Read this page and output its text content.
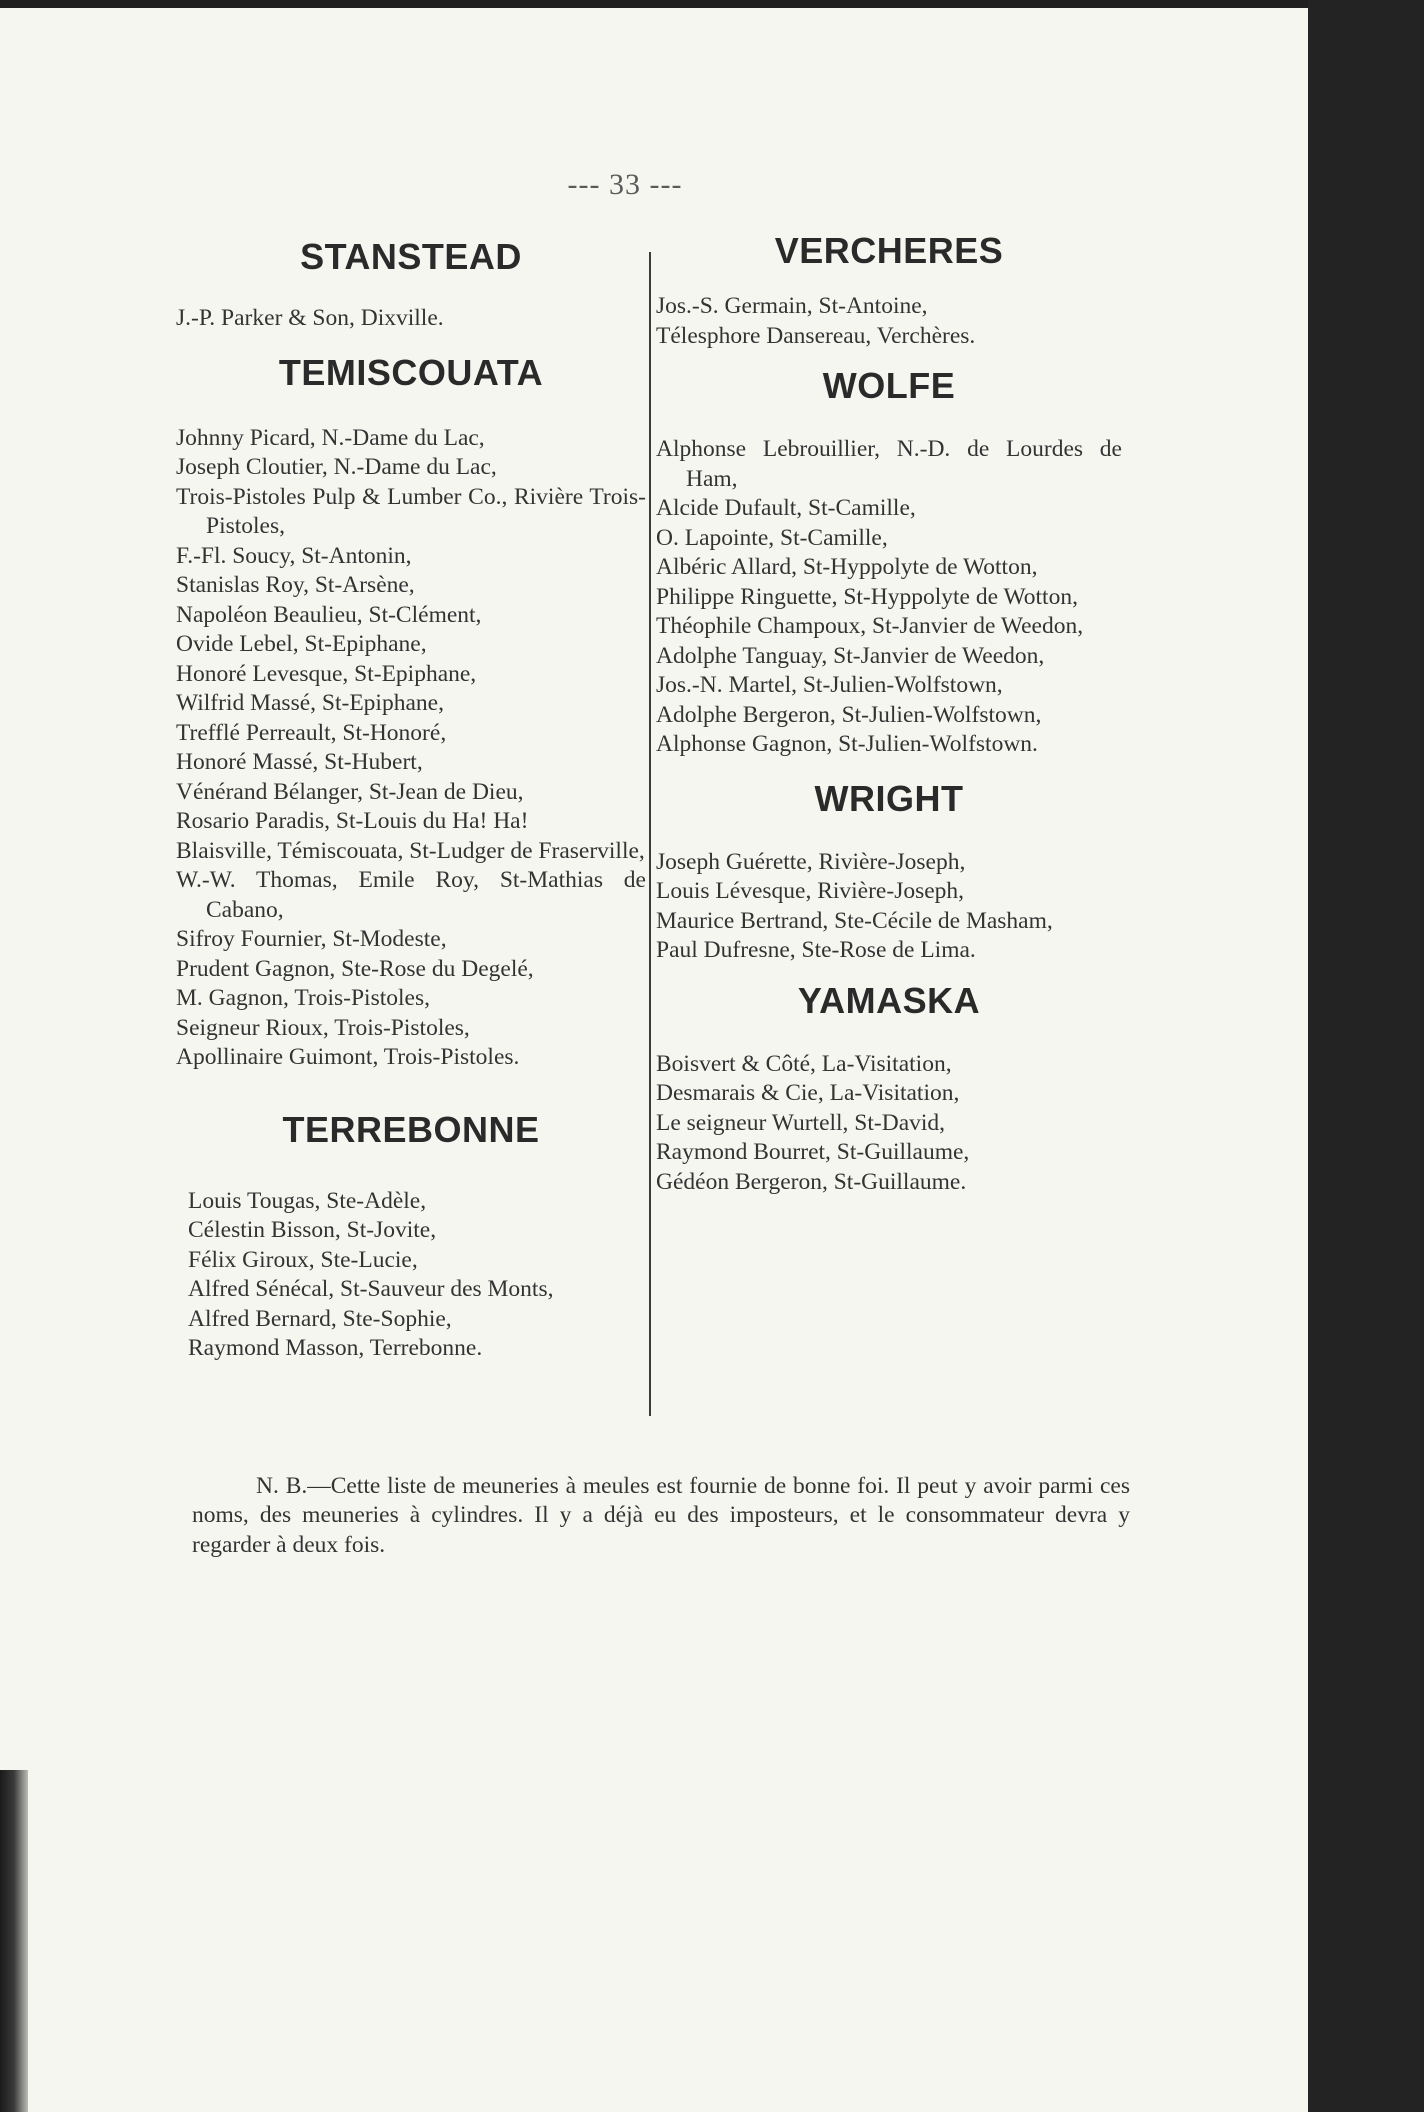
--- 33 ---
STANSTEAD
J.-P. Parker & Son, Dixville.
TEMISCOUATA
Johnny Picard, N.-Dame du Lac,
Joseph Cloutier, N.-Dame du Lac,
Trois-Pistoles Pulp & Lumber Co., Rivière Trois-Pistoles,
F.-Fl. Soucy, St-Antonin,
Stanislas Roy, St-Arsène,
Napoléon Beaulieu, St-Clément,
Ovide Lebel, St-Epiphane,
Honoré Levesque, St-Epiphane,
Wilfrid Massé, St-Epiphane,
Trefflé Perreault, St-Honoré,
Honoré Massé, St-Hubert,
Vénérand Bélanger, St-Jean de Dieu,
Rosario Paradis, St-Louis du Ha! Ha!
Blaisville, Témiscouata, St-Ludger de Fraserville,
W.-W. Thomas, Emile Roy, St-Mathias de Cabano,
Sifroy Fournier, St-Modeste,
Prudent Gagnon, Ste-Rose du Degelé,
M. Gagnon, Trois-Pistoles,
Seigneur Rioux, Trois-Pistoles,
Apollinaire Guimont, Trois-Pistoles.
TERREBONNE
Louis Tougas, Ste-Adèle,
Célestin Bisson, St-Jovite,
Félix Giroux, Ste-Lucie,
Alfred Sénécal, St-Sauveur des Monts,
Alfred Bernard, Ste-Sophie,
Raymond Masson, Terrebonne.
VERCHERES
Jos.-S. Germain, St-Antoine,
Télesphore Dansereau, Verchères.
WOLFE
Alphonse Lebrouillier, N.-D. de Lourdes de Ham,
Alcide Dufault, St-Camille,
O. Lapointe, St-Camille,
Albéric Allard, St-Hyppolyte de Wotton,
Philippe Ringuette, St-Hyppolyte de Wotton,
Théophile Champoux, St-Janvier de Weedon,
Adolphe Tanguay, St-Janvier de Weedon,
Jos.-N. Martel, St-Julien-Wolfstown,
Adolphe Bergeron, St-Julien-Wolfstown,
Alphonse Gagnon, St-Julien-Wolfstown.
WRIGHT
Joseph Guérette, Rivière-Joseph,
Louis Lévesque, Rivière-Joseph,
Maurice Bertrand, Ste-Cécile de Masham,
Paul Dufresne, Ste-Rose de Lima.
YAMASKA
Boisvert & Côté, La-Visitation,
Desmarais & Cie, La-Visitation,
Le seigneur Wurtell, St-David,
Raymond Bourret, St-Guillaume,
Gédéon Bergeron, St-Guillaume.

N. B.—Cette liste de meuneries à meules est fournie de bonne foi. Il peut y avoir parmi ces noms, des meuneries à cylindres. Il y a déjà eu des imposteurs, et le consommateur devra y regarder à deux fois.
